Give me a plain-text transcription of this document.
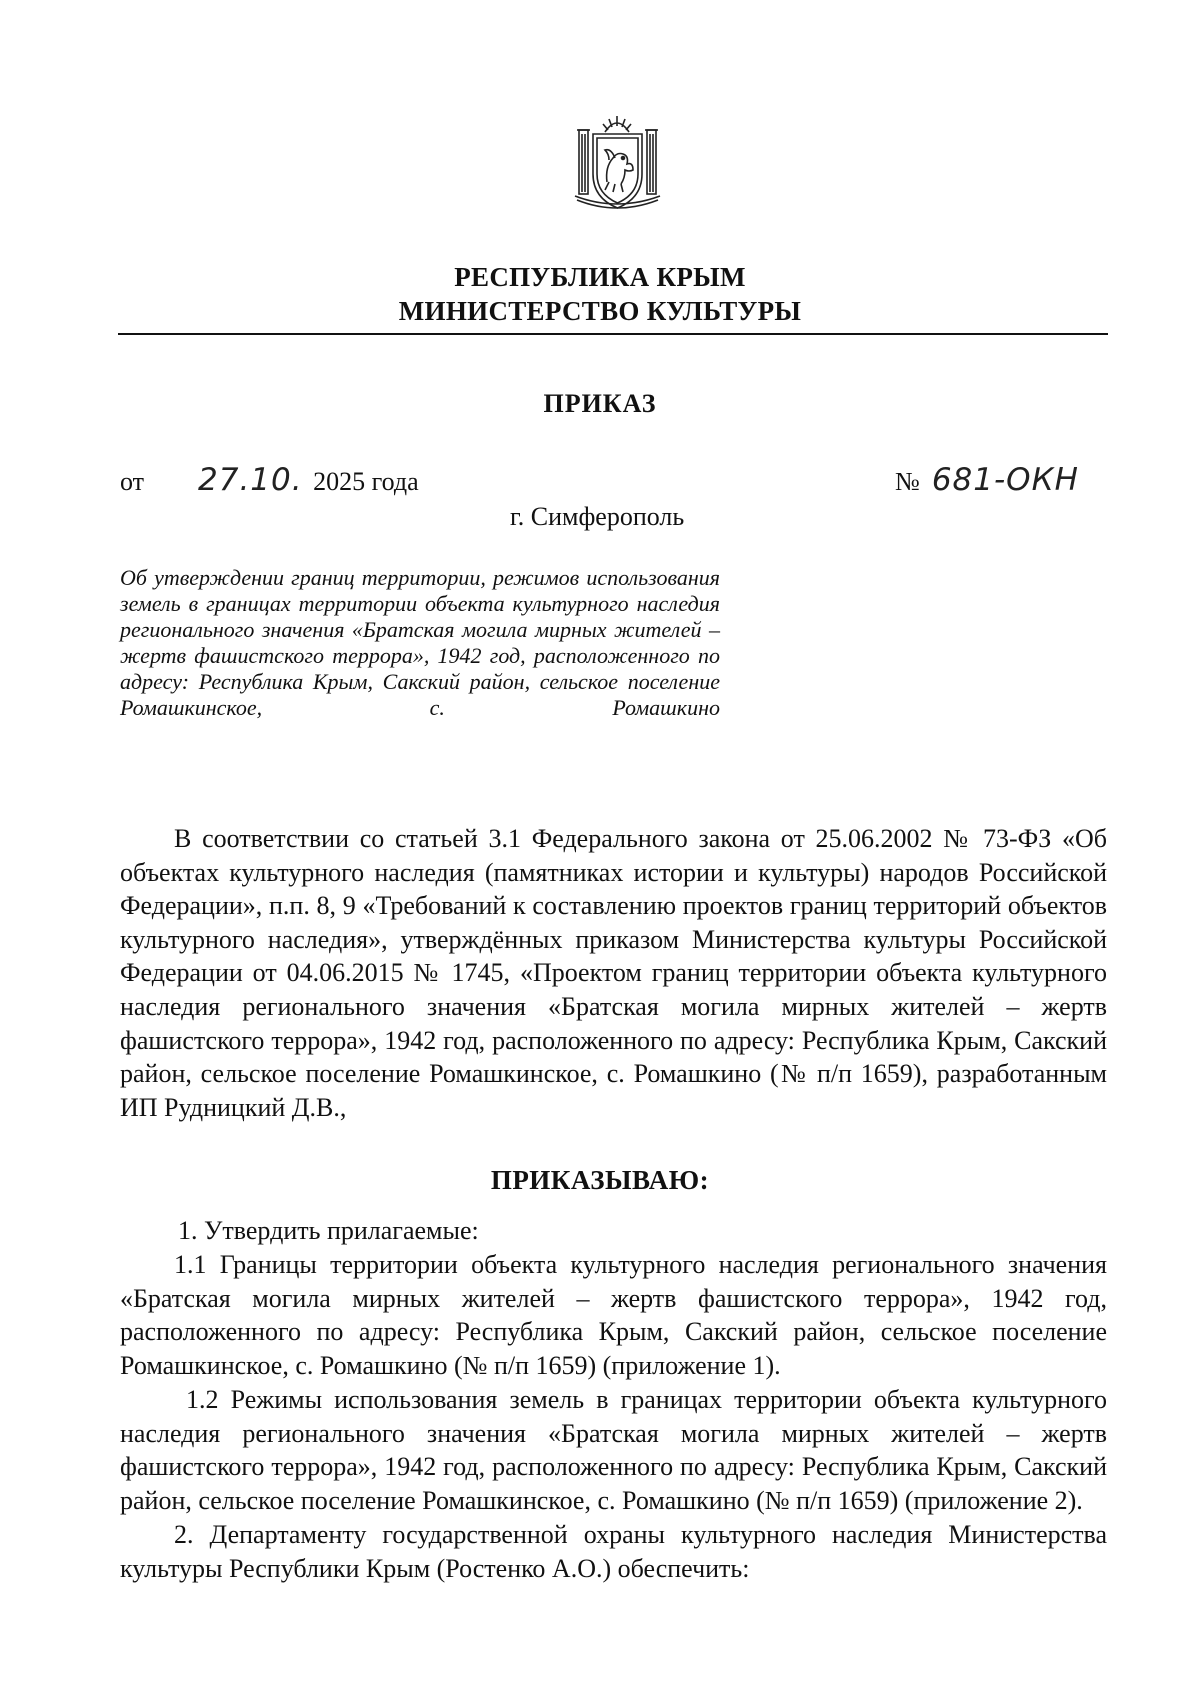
РЕСПУБЛИКА КРЫМ
МИНИСТЕРСТВО КУЛЬТУРЫ
ПРИКАЗ
от 27.10. 2025 года	№ 681-ОКН
г. Симферополь
Об утверждении границ территории, режимов использования земель в границах территории объекта культурного наследия регионального значения «Братская могила мирных жителей – жертв фашистского террора», 1942 год, расположенного по адресу: Республика Крым, Сакский район, сельское поселение Ромашкинское, с. Ромашкино

В соответствии со статьей 3.1 Федерального закона от 25.06.2002 № 73-ФЗ «Об объектах культурного наследия (памятниках истории и культуры) народов Российской Федерации», п.п. 8, 9 «Требований к составлению проектов границ территорий объектов культурного наследия», утверждённых приказом Министерства культуры Российской Федерации от 04.06.2015 № 1745, «Проектом границ территории объекта культурного наследия регионального значения «Братская могила мирных жителей – жертв фашистского террора», 1942 год, расположенного по адресу: Республика Крым, Сакский район, сельское поселение Ромашкинское, с. Ромашкино (№ п/п 1659), разработанным ИП Рудницкий Д.В.,

ПРИКАЗЫВАЮ:

1. Утвердить прилагаемые:

1.1 Границы территории объекта культурного наследия регионального значения «Братская могила мирных жителей – жертв фашистского террора», 1942 год, расположенного по адресу: Республика Крым, Сакский район, сельское поселение Ромашкинское, с. Ромашкино (№ п/п 1659) (приложение 1).

1.2 Режимы использования земель в границах территории объекта культурного наследия регионального значения «Братская могила мирных жителей – жертв фашистского террора», 1942 год, расположенного по адресу: Республика Крым, Сакский район, сельское поселение Ромашкинское, с. Ромашкино (№ п/п 1659) (приложение 2).

2. Департаменту государственной охраны культурного наследия Министерства культуры Республики Крым (Ростенко А.О.) обеспечить:
